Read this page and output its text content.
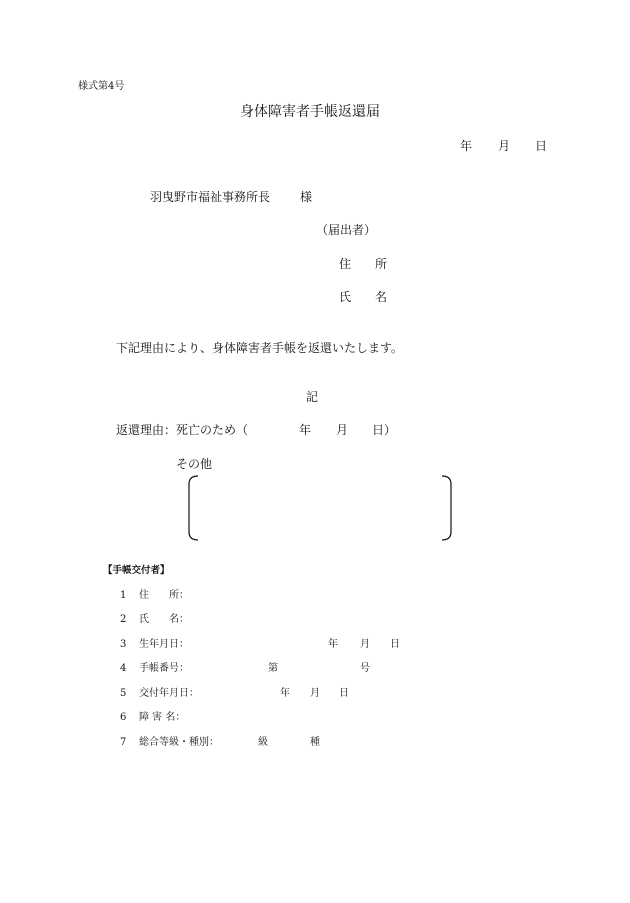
様式第4号
身体障害者手帳返還届
年 月 日
羽曳野市福祉事務所長 様
（届出者）
住 所
氏 名
下記理由により、身体障害者手帳を返還いたします。
記
返還理由：死亡のため（	年 月 日）
その他
【手帳交付者】
1 住　　所：
2 氏　　名：
3 生年月日：	年 月 日
4 手帳番号：	第	号
5 交付年月日：	年 月 日
6 障 害 名：
7 総合等級・種別：	級	種
